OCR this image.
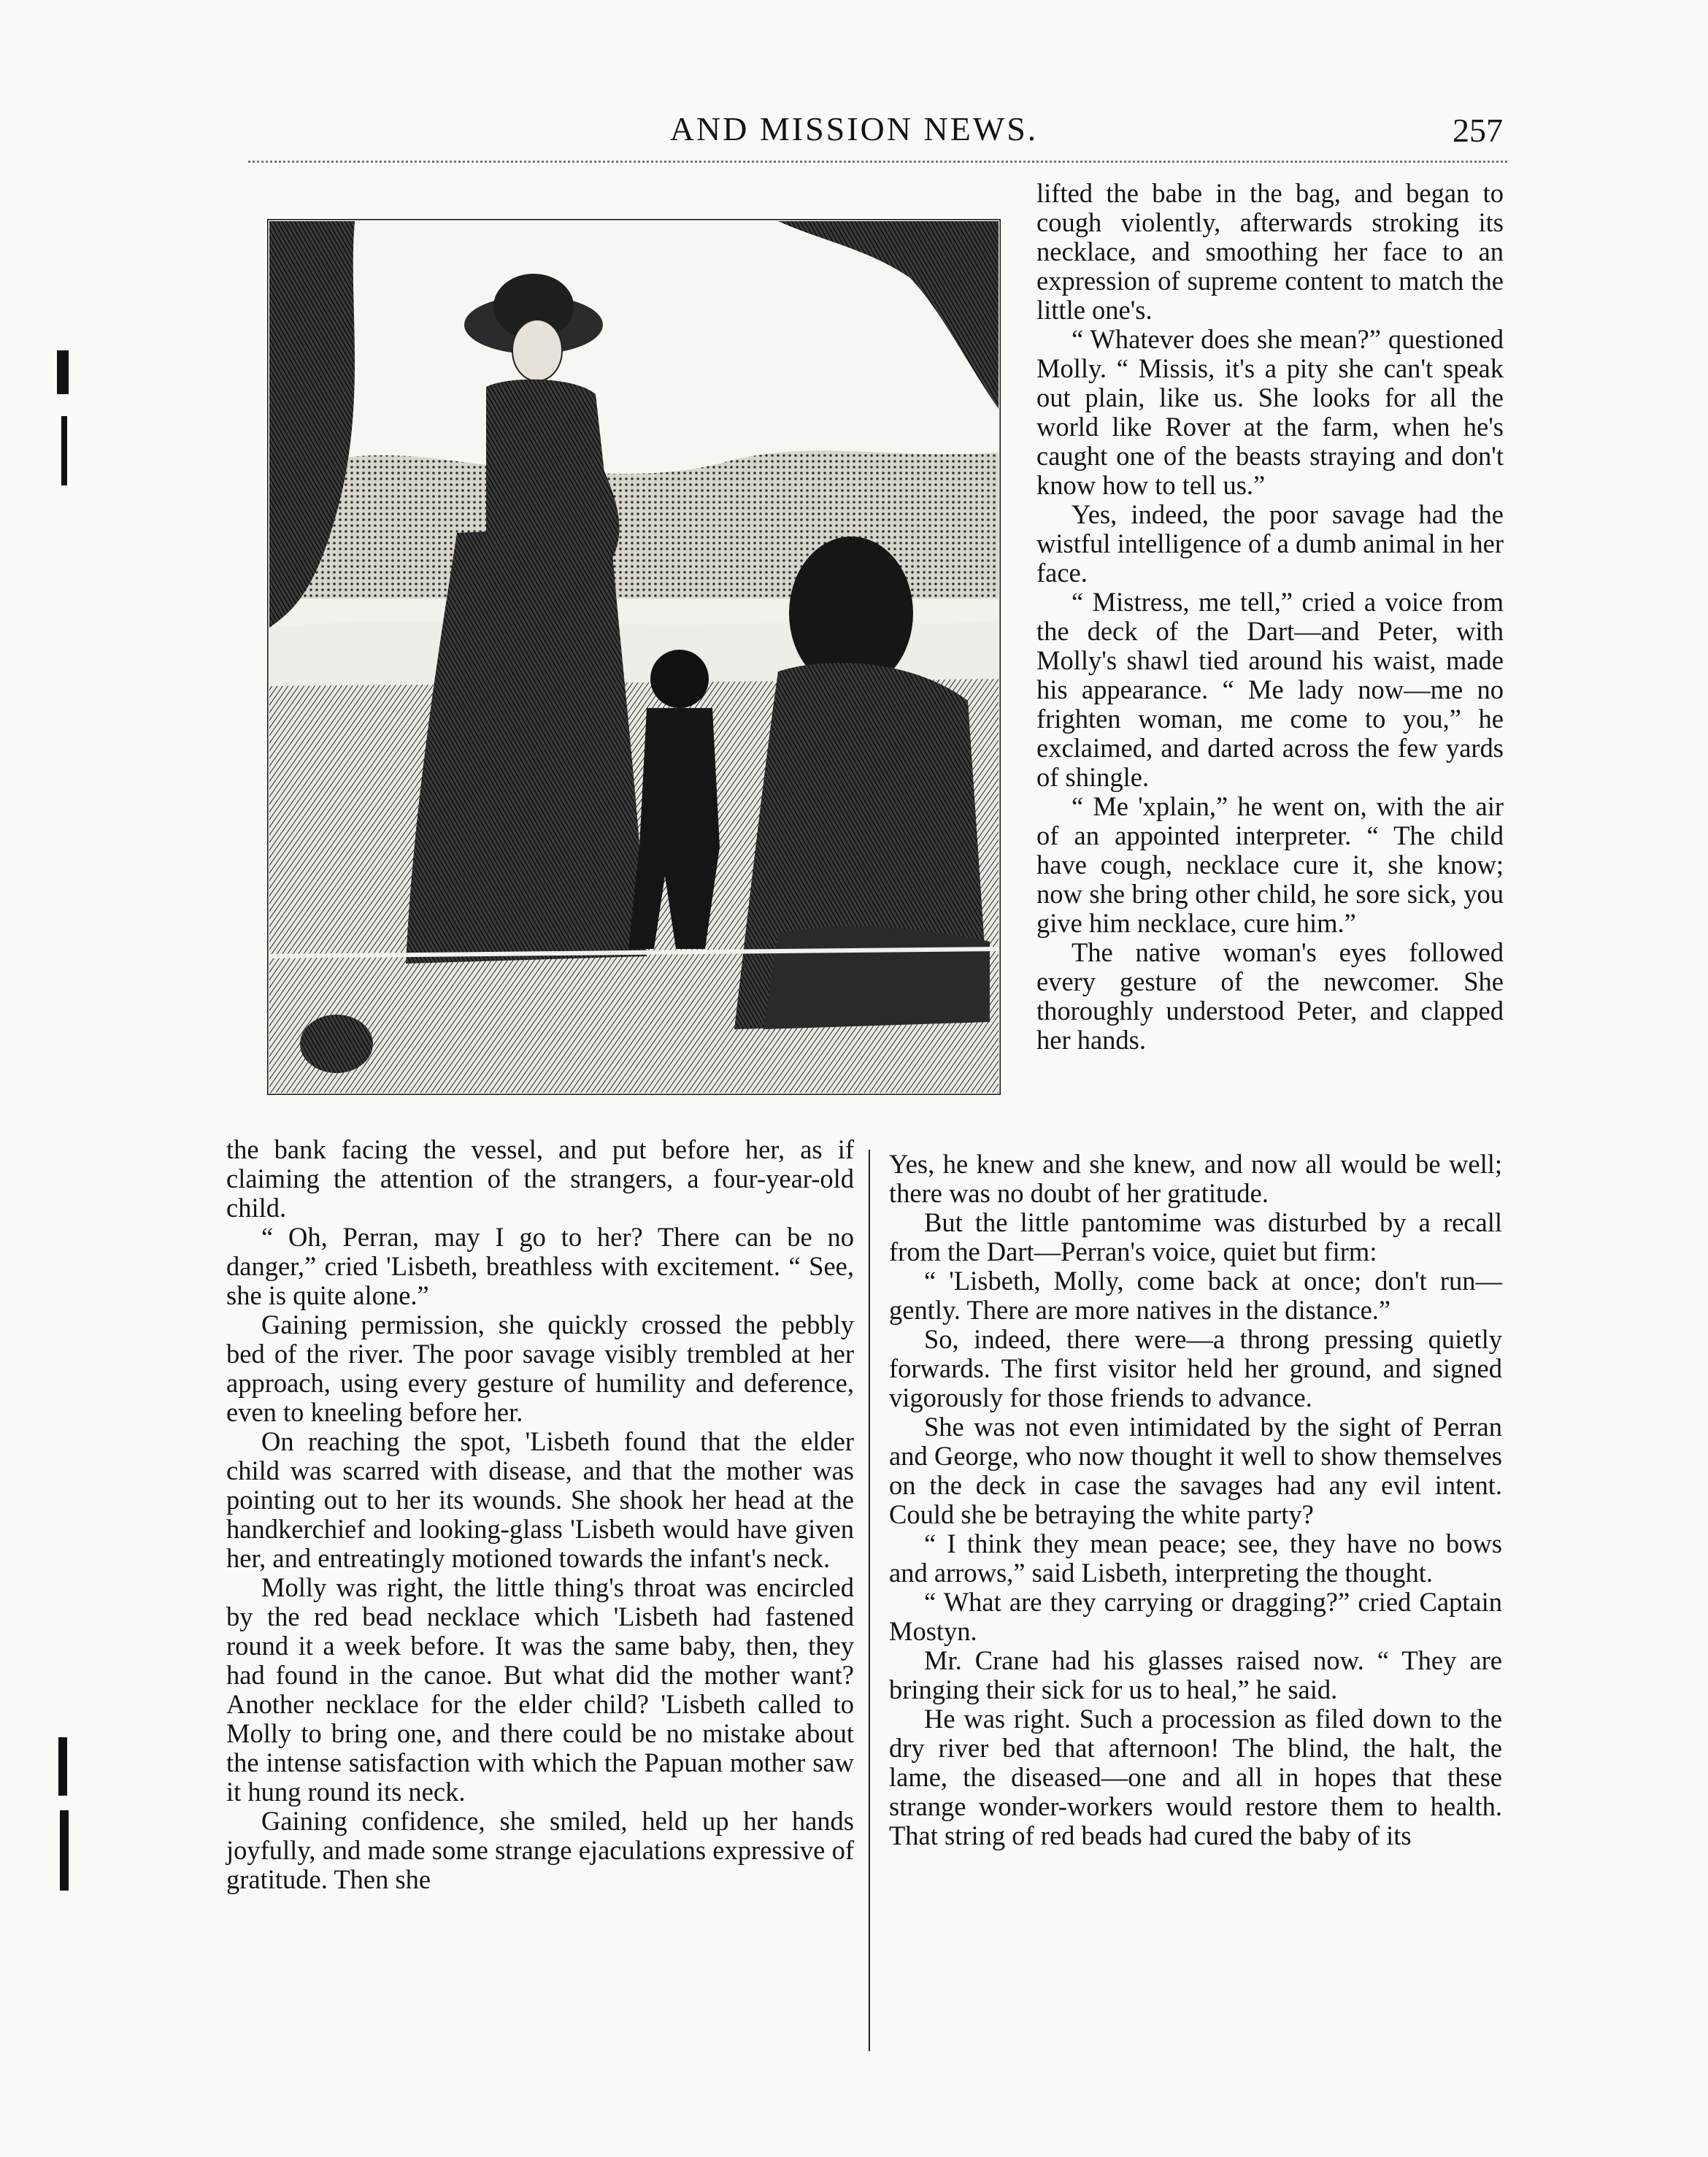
AND MISSION NEWS.	257

lifted the babe in the bag, and began to cough violently, afterwards stroking its necklace, and smoothing her face to an expression of supreme content to match the little one's.

“ Whatever does she mean?” questioned Molly. “ Missis, it's a pity she can't speak out plain, like us. She looks for all the world like Rover at the farm, when he's caught one of the beasts straying and don't know how to tell us.”

Yes, indeed, the poor savage had the wistful intelligence of a dumb animal in her face.

“ Mistress, me tell,” cried a voice from the deck of the Dart—and Peter, with Molly's shawl tied around his waist, made his appearance. “ Me lady now—me no frighten woman, me come to you,” he exclaimed, and darted across the few yards of shingle.

“ Me 'xplain,” he went on, with the air of an appointed interpreter. “ The child have cough, necklace cure it, she know; now she bring other child, he sore sick, you give him necklace, cure him.”

The native woman's eyes followed every gesture of the newcomer. She thoroughly understood Peter, and clapped her hands.

the bank facing the vessel, and put before her, as if claiming the attention of the strangers, a four-year-old child.

“ Oh, Perran, may I go to her? There can be no danger,” cried 'Lisbeth, breathless with excitement. “ See, she is quite alone.”

Gaining permission, she quickly crossed the pebbly bed of the river. The poor savage visibly trembled at her approach, using every gesture of humility and deference, even to kneeling before her.

On reaching the spot, 'Lisbeth found that the elder child was scarred with disease, and that the mother was pointing out to her its wounds. She shook her head at the handkerchief and looking-glass 'Lisbeth would have given her, and entreatingly motioned towards the infant's neck.

Molly was right, the little thing's throat was encircled by the red bead necklace which 'Lisbeth had fastened round it a week before. It was the same baby, then, they had found in the canoe. But what did the mother want? Another necklace for the elder child? 'Lisbeth called to Molly to bring one, and there could be no mistake about the intense satisfaction with which the Papuan mother saw it hung round its neck.

Gaining confidence, she smiled, held up her hands joyfully, and made some strange ejaculations expressive of gratitude. Then she

Yes, he knew and she knew, and now all would be well; there was no doubt of her gratitude.

But the little pantomime was disturbed by a recall from the Dart—Perran's voice, quiet but firm:

“ 'Lisbeth, Molly, come back at once; don't run—gently. There are more natives in the distance.”

So, indeed, there were—a throng pressing quietly forwards. The first visitor held her ground, and signed vigorously for those friends to advance.

She was not even intimidated by the sight of Perran and George, who now thought it well to show themselves on the deck in case the savages had any evil intent. Could she be betraying the white party?

“ I think they mean peace; see, they have no bows and arrows,” said Lisbeth, interpreting the thought.

“ What are they carrying or dragging?” cried Captain Mostyn.

Mr. Crane had his glasses raised now. “ They are bringing their sick for us to heal,” he said.

He was right. Such a procession as filed down to the dry river bed that afternoon! The blind, the halt, the lame, the diseased—one and all in hopes that these strange wonder-workers would restore them to health. That string of red beads had cured the baby of its
